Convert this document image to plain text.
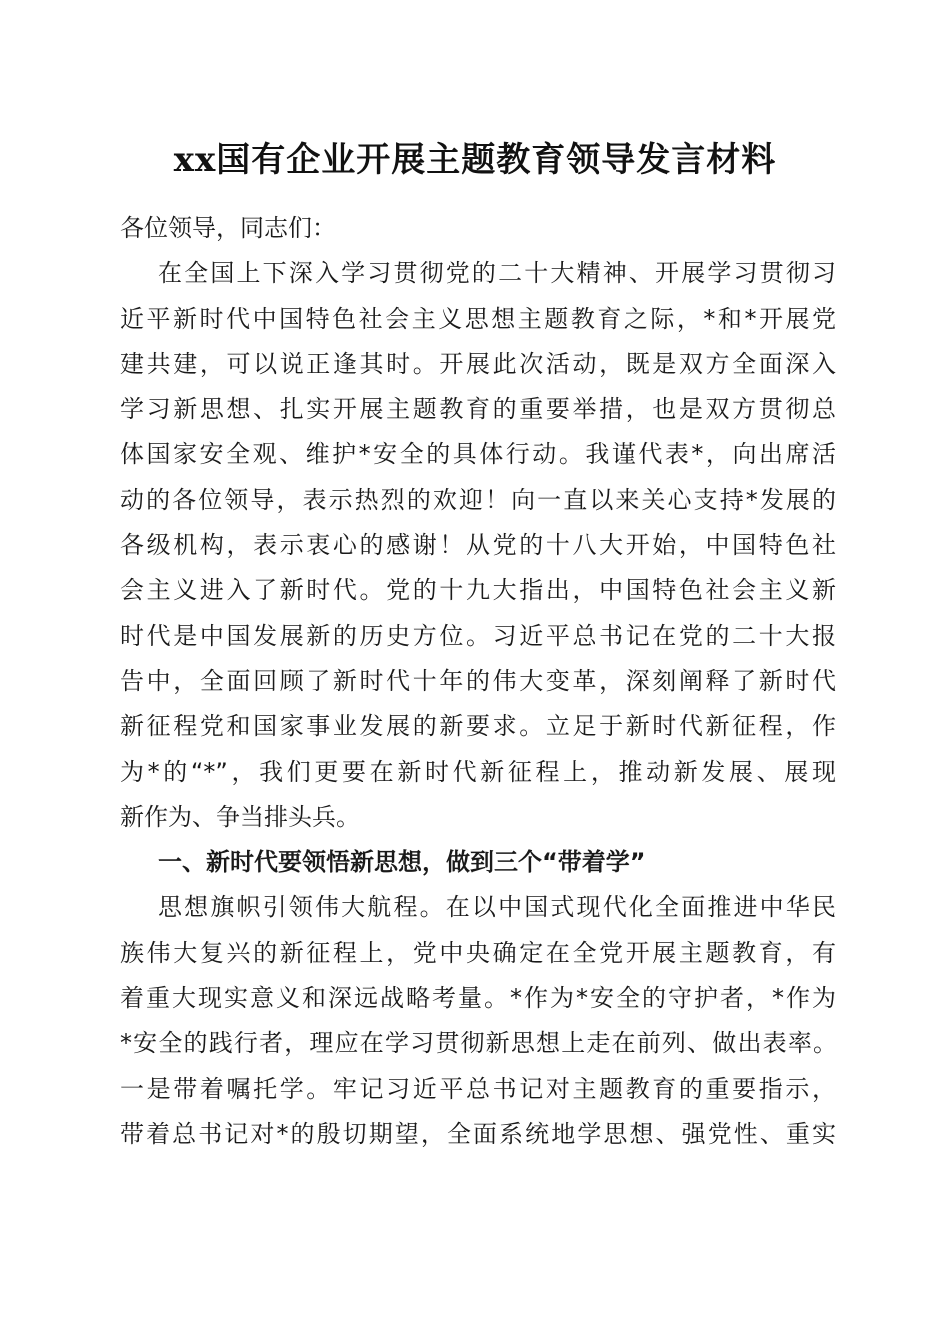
xx国有企业开展主题教育领导发言材料
各位领导，同志们：
在全国上下深入学习贯彻党的二十大精神、开展学习贯彻习
近平新时代中国特色社会主义思想主题教育之际，*和*开展党
建共建，可以说正逢其时。开展此次活动，既是双方全面深入
学习新思想、扎实开展主题教育的重要举措，也是双方贯彻总
体国家安全观、维护*安全的具体行动。我谨代表*，向出席活
动的各位领导，表示热烈的欢迎！向一直以来关心支持*发展的
各级机构，表示衷心的感谢！从党的十八大开始，中国特色社
会主义进入了新时代。党的十九大指出，中国特色社会主义新
时代是中国发展新的历史方位。习近平总书记在党的二十大报
告中，全面回顾了新时代十年的伟大变革，深刻阐释了新时代
新征程党和国家事业发展的新要求。立足于新时代新征程，作
为*的“*”，我们更要在新时代新征程上，推动新发展、展现
新作为、争当排头兵。
一、新时代要领悟新思想，做到三个“带着学”
思想旗帜引领伟大航程。在以中国式现代化全面推进中华民
族伟大复兴的新征程上，党中央确定在全党开展主题教育，有
着重大现实意义和深远战略考量。*作为*安全的守护者，*作为
*安全的践行者，理应在学习贯彻新思想上走在前列、做出表率。
一是带着嘱托学。牢记习近平总书记对主题教育的重要指示，
带着总书记对*的殷切期望，全面系统地学思想、强党性、重实
